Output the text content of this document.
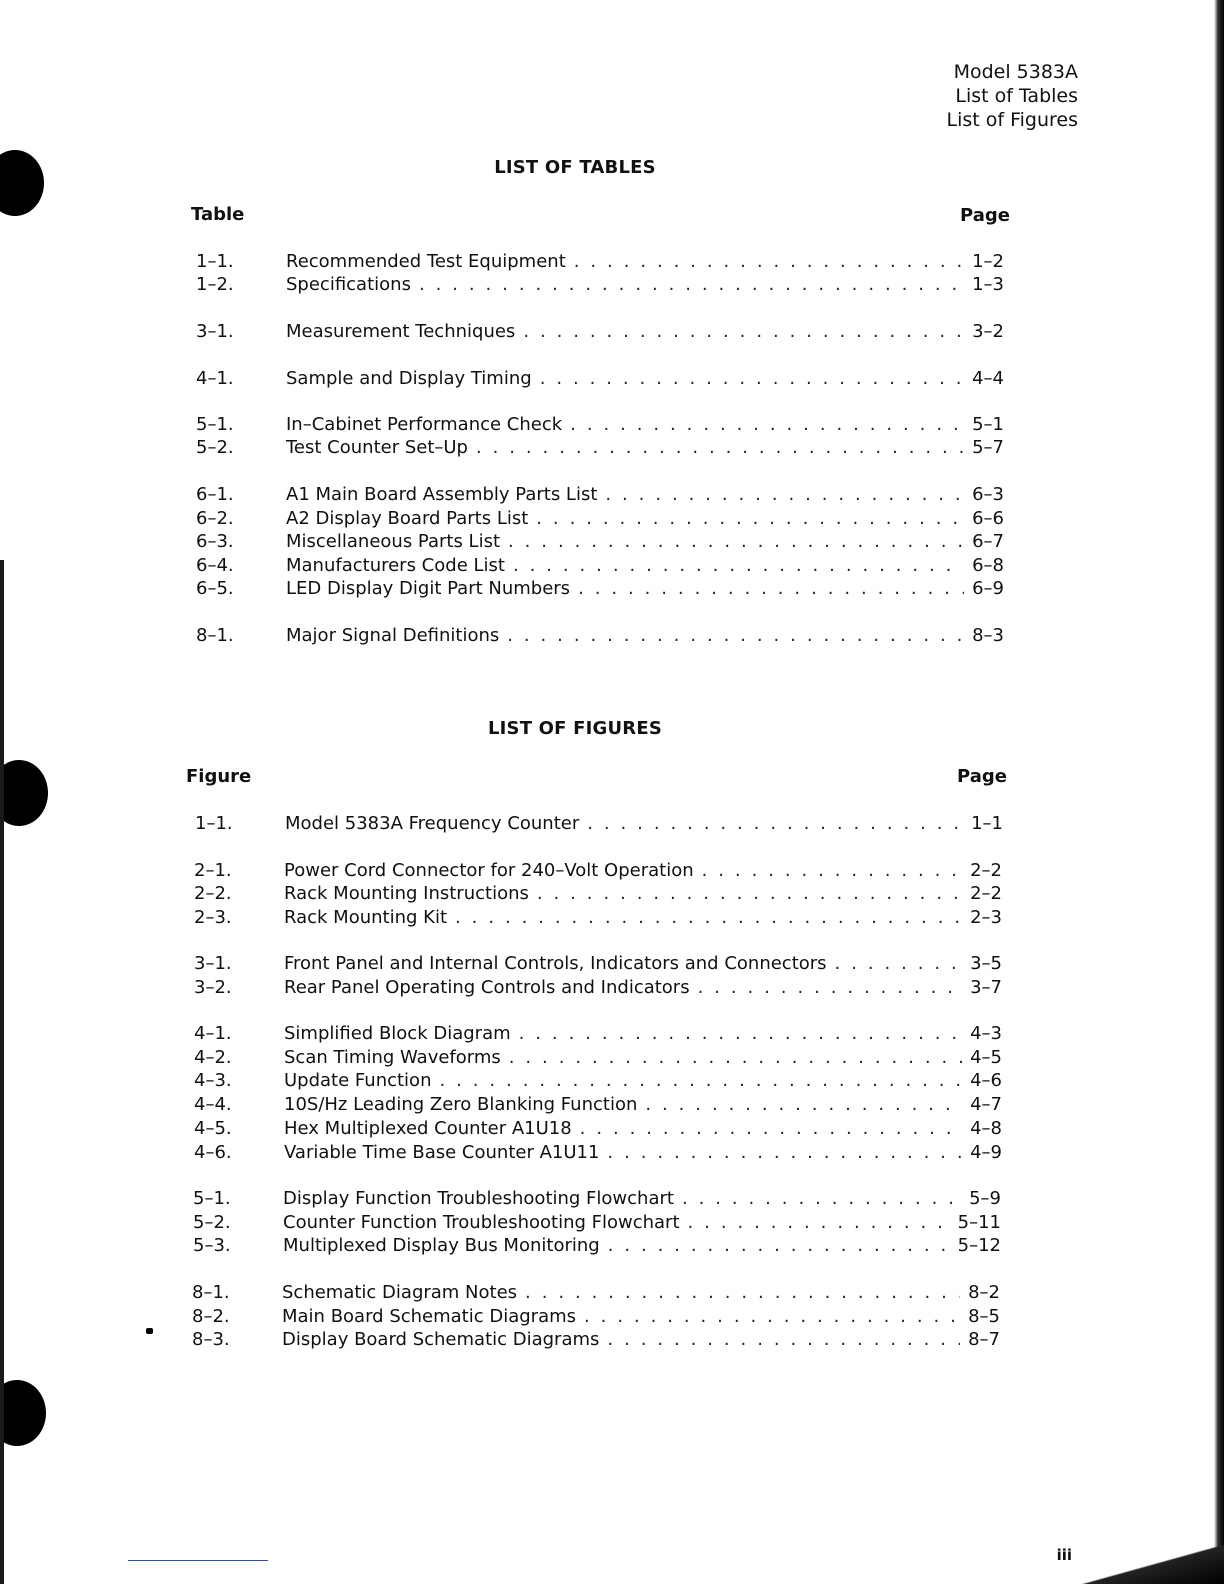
Model 5383A
List of Tables
List of Figures
LIST OF TABLES
Table	Page
1–1.	Recommended Test Equipment . . .	1–2
1–2.	Specifications . . .	1–3
3–1.	Measurement Techniques . . .	3–2
4–1.	Sample and Display Timing . . .	4–4
5–1.	In–Cabinet Performance Check . . .	5–1
5–2.	Test Counter Set–Up . . .	5–7
6–1.	A1 Main Board Assembly Parts List . . .	6–3
6–2.	A2 Display Board Parts List . . .	6–6
6–3.	Miscellaneous Parts List . . .	6–7
6–4.	Manufacturers Code List . . .	6–8
6–5.	LED Display Digit Part Numbers . . .	6–9
8–1.	Major Signal Definitions . . .	8–3
LIST OF FIGURES
Figure	Page
1–1.	Model 5383A Frequency Counter . . .	1–1
2–1.	Power Cord Connector for 240–Volt Operation . . .	2–2
2–2.	Rack Mounting Instructions . . .	2–2
2–3.	Rack Mounting Kit . . .	2–3
3–1.	Front Panel and Internal Controls, Indicators and Connectors . . .	3–5
3–2.	Rear Panel Operating Controls and Indicators . . .	3–7
4–1.	Simplified Block Diagram . . .	4–3
4–2.	Scan Timing Waveforms . . .	4–5
4–3.	Update Function . . .	4–6
4–4.	10S/Hz Leading Zero Blanking Function . . .	4–7
4–5.	Hex Multiplexed Counter A1U18 . . .	4–8
4–6.	Variable Time Base Counter A1U11 . . .	4–9
5–1.	Display Function Troubleshooting Flowchart . . .	5–9
5–2.	Counter Function Troubleshooting Flowchart . . .	5–11
5–3.	Multiplexed Display Bus Monitoring . . .	5–12
8–1.	Schematic Diagram Notes . . .	8–2
8–2.	Main Board Schematic Diagrams . . .	8–5
8–3.	Display Board Schematic Diagrams . . .	8–7
iii
